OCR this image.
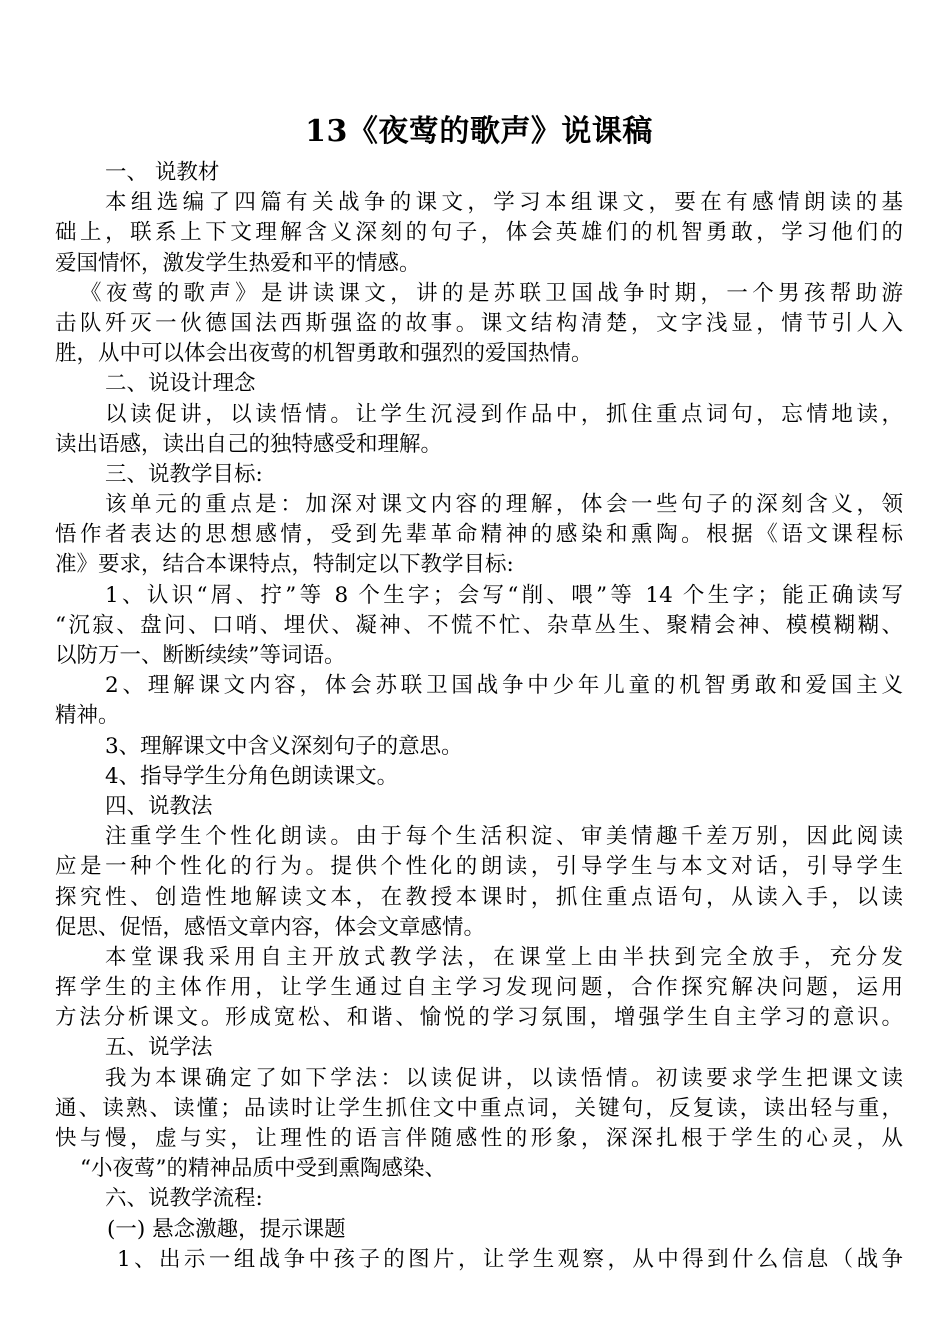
13《夜莺的歌声》说课稿
一、 说教材
本组选编了四篇有关战争的课文，学习本组课文，要在有感情朗读的基
础上，联系上下文理解含义深刻的句子，体会英雄们的机智勇敢，学习他们的
爱国情怀，激发学生热爱和平的情感。
《夜莺的歌声》是讲读课文，讲的是苏联卫国战争时期，一个男孩帮助游
击队歼灭一伙德国法西斯强盗的故事。课文结构清楚，文字浅显，情节引人入
胜，从中可以体会出夜莺的机智勇敢和强烈的爱国热情。
二、说设计理念
以读促讲，以读悟情。让学生沉浸到作品中，抓住重点词句，忘情地读，
读出语感，读出自己的独特感受和理解。
三、说教学目标:
该单元的重点是：加深对课文内容的理解，体会一些句子的深刻含义，领
悟作者表达的思想感情，受到先辈革命精神的感染和熏陶。根据《语文课程标
准》要求，结合本课特点，特制定以下教学目标:
1、认识“屑、拧”等 8 个生字；会写“削、喂”等 14 个生字；能正确读写
“沉寂、盘问、口哨、埋伏、凝神、不慌不忙、杂草丛生、聚精会神、模模糊糊、
以防万一、断断续续”等词语。
2、理解课文内容，体会苏联卫国战争中少年儿童的机智勇敢和爱国主义
精神。
3、理解课文中含义深刻句子的意思。
4、指导学生分角色朗读课文。
四、说教法
注重学生个性化朗读。由于每个生活积淀、审美情趣千差万别，因此阅读
应是一种个性化的行为。提供个性化的朗读，引导学生与本文对话，引导学生
探究性、创造性地解读文本，在教授本课时，抓住重点语句，从读入手，以读
促思、促悟，感悟文章内容，体会文章感情。
本堂课我采用自主开放式教学法，在课堂上由半扶到完全放手，充分发
挥学生的主体作用，让学生通过自主学习发现问题，合作探究解决问题，运用
方法分析课文。形成宽松、和谐、愉悦的学习氛围，增强学生自主学习的意识。
五、说学法
我为本课确定了如下学法：以读促讲，以读悟情。初读要求学生把课文读
通、读熟、读懂；品读时让学生抓住文中重点词，关键句，反复读，读出轻与重，
快与慢，虚与实，让理性的语言伴随感性的形象，深深扎根于学生的心灵，从
“小夜莺”的精神品质中受到熏陶感染、
六、说教学流程:
(一) 悬念激趣，提示课题
1、出示一组战争中孩子的图片，让学生观察，从中得到什么信息（战争
